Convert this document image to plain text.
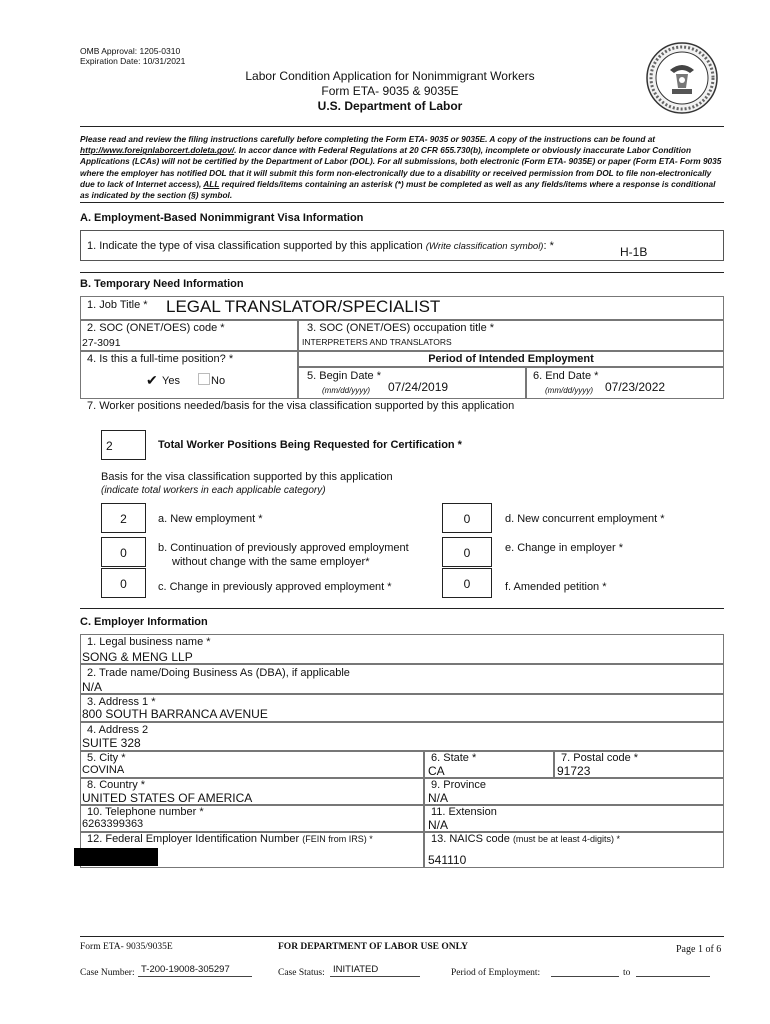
OMB Approval: 1205-0310
Expiration Date: 10/31/2021
Labor Condition Application for Nonimmigrant Workers
Form ETA- 9035 & 9035E
U.S. Department of Labor
Please read and review the filing instructions carefully before completing the Form ETA- 9035 or 9035E. A copy of the instructions can be found at http://www.foreignlaborcert.doleta.gov/. In accor dance with Federal Regulations at 20 CFR 655.730(b), incomplete or obviously inaccurate Labor Condition Applications (LCAs) will not be certified by the Department of Labor (DOL). For all submissions, both electronic (Form ETA- 9035E) or paper (Form ETA- Form 9035 where the employer has notified DOL that it will submit this form non-electronically due to a disability or received permission from DOL to file non-electronically due to lack of Internet access), ALL required fields/items containing an asterisk (*) must be completed as well as any fields/items where a response is conditional as indicated by the section (§) symbol.
A. Employment-Based Nonimmigrant Visa Information
1. Indicate the type of visa classification supported by this application (Write classification symbol): *	H-1B
B. Temporary Need Information
1. Job Title * LEGAL TRANSLATOR/SPECIALIST
2. SOC (ONET/OES) code *
27-3091
3. SOC (ONET/OES) occupation title *
INTERPRETERS AND TRANSLATORS
4. Is this a full-time position? *
✔ Yes	No
Period of Intended Employment
5. Begin Date *
(mm/dd/yyyy) 07/24/2019
6. End Date *
(mm/dd/yyyy) 07/23/2022
7. Worker positions needed/basis for the visa classification supported by this application
2	Total Worker Positions Being Requested for Certification *
Basis for the visa classification supported by this application
(indicate total workers in each applicable category)
2	a. New employment *
0	b. Continuation of previously approved employment
without change with the same employer*
0	c. Change in previously approved employment *
0	d. New concurrent employment *
0	e. Change in employer *
0	f. Amended petition *
C. Employer Information
1. Legal business name *
SONG & MENG LLP
2. Trade name/Doing Business As (DBA), if applicable
N/A
3. Address 1 *
800 SOUTH BARRANCA AVENUE
4. Address 2
SUITE 328
5. City *
COVINA
6. State *
CA
7. Postal code *
91723
8. Country *
UNITED STATES OF AMERICA
9. Province
N/A
10. Telephone number *
6263399363
11. Extension
N/A
12. Federal Employer Identification Number (FEIN from IRS) *	13. NAICS code (must be at least 4-digits) *
541110
Form ETA- 9035/9035E	FOR DEPARTMENT OF LABOR USE ONLY	Page 1 of 6
Case Number: T-200-19008-305297	Case Status: INITIATED	Period of Employment:	to
